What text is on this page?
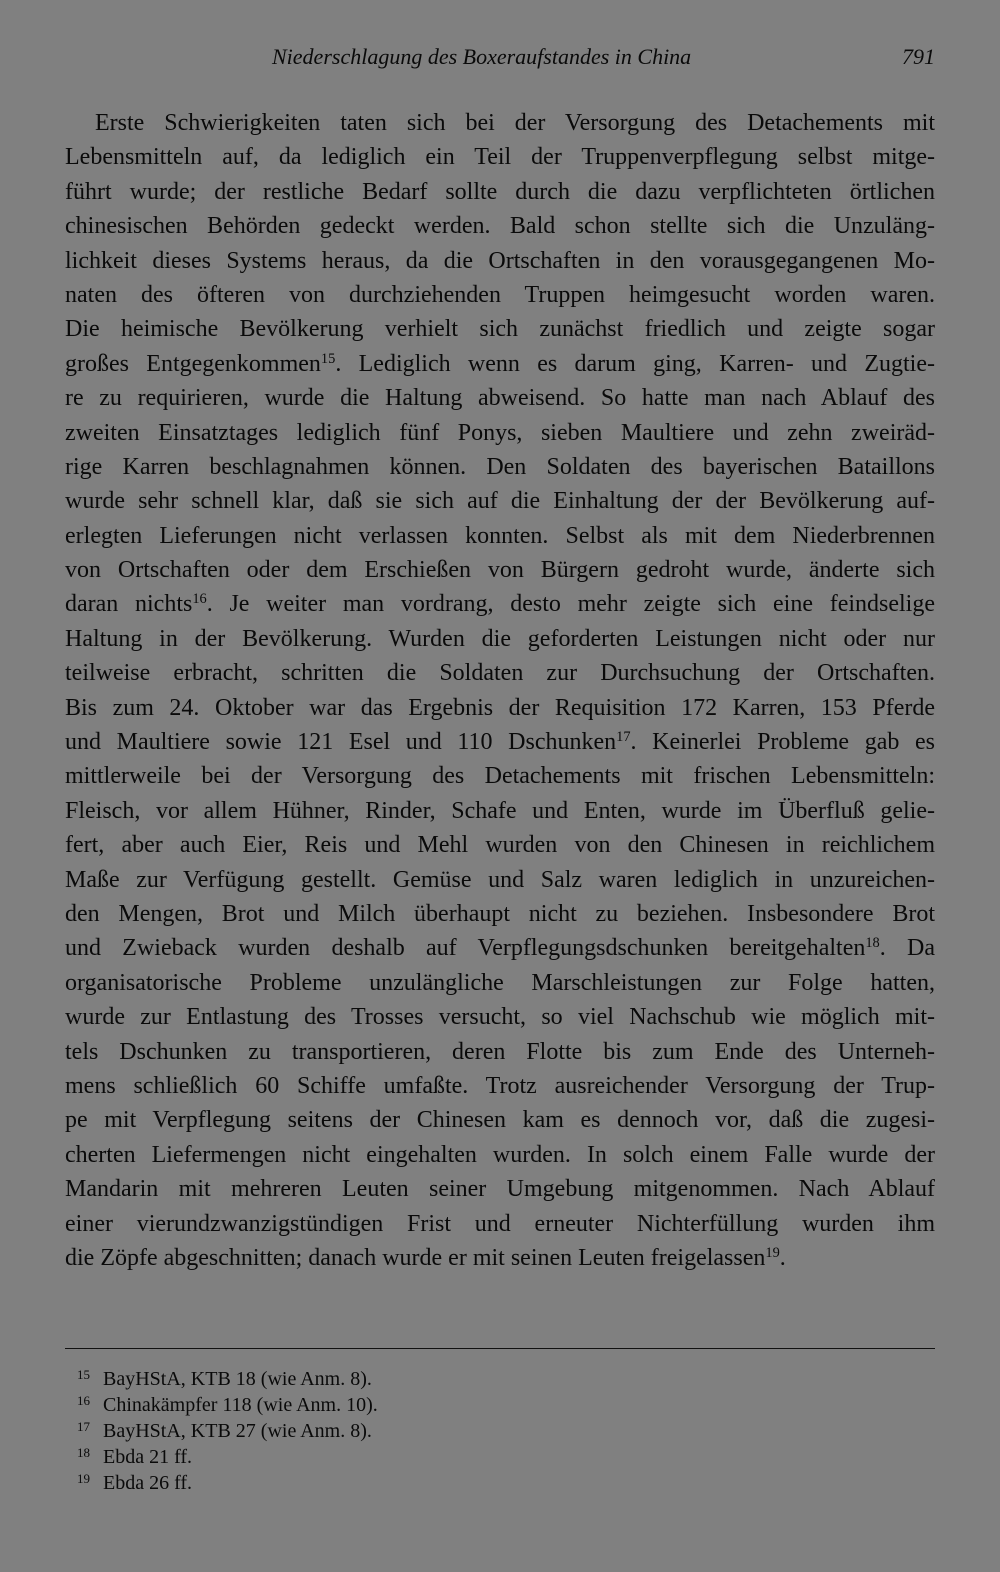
Niederschlagung des Boxeraufstandes in China	791
Erste Schwierigkeiten taten sich bei der Versorgung des Detachements mit
Lebensmitteln auf, da lediglich ein Teil der Truppenverpflegung selbst mitge-
führt wurde; der restliche Bedarf sollte durch die dazu verpflichteten örtlichen
chinesischen Behörden gedeckt werden. Bald schon stellte sich die Unzuläng-
lichkeit dieses Systems heraus, da die Ortschaften in den vorausgegangenen Mo-
naten des öfteren von durchziehenden Truppen heimgesucht worden waren.
Die heimische Bevölkerung verhielt sich zunächst friedlich und zeigte sogar
großes Entgegenkommen$^{15}$. Lediglich wenn es darum ging, Karren- und Zugtie-
re zu requirieren, wurde die Haltung abweisend. So hatte man nach Ablauf des
zweiten Einsatztages lediglich fünf Ponys, sieben Maultiere und zehn zweiräd-
rige Karren beschlagnahmen können. Den Soldaten des bayerischen Bataillons
wurde sehr schnell klar, daß sie sich auf die Einhaltung der der Bevölkerung auf-
erlegten Lieferungen nicht verlassen konnten. Selbst als mit dem Niederbrennen
von Ortschaften oder dem Erschießen von Bürgern gedroht wurde, änderte sich
daran nichts$^{16}$. Je weiter man vordrang, desto mehr zeigte sich eine feindselige
Haltung in der Bevölkerung. Wurden die geforderten Leistungen nicht oder nur
teilweise erbracht, schritten die Soldaten zur Durchsuchung der Ortschaften.
Bis zum 24. Oktober war das Ergebnis der Requisition 172 Karren, 153 Pferde
und Maultiere sowie 121 Esel und 110 Dschunken$^{17}$. Keinerlei Probleme gab es
mittlerweile bei der Versorgung des Detachements mit frischen Lebensmitteln:
Fleisch, vor allem Hühner, Rinder, Schafe und Enten, wurde im Überfluß gelie-
fert, aber auch Eier, Reis und Mehl wurden von den Chinesen in reichlichem
Maße zur Verfügung gestellt. Gemüse und Salz waren lediglich in unzureichen-
den Mengen, Brot und Milch überhaupt nicht zu beziehen. Insbesondere Brot
und Zwieback wurden deshalb auf Verpflegungsdschunken bereitgehalten$^{18}$. Da
organisatorische Probleme unzulängliche Marschleistungen zur Folge hatten,
wurde zur Entlastung des Trosses versucht, so viel Nachschub wie möglich mit-
tels Dschunken zu transportieren, deren Flotte bis zum Ende des Unterneh-
mens schließlich 60 Schiffe umfaßte. Trotz ausreichender Versorgung der Trup-
pe mit Verpflegung seitens der Chinesen kam es dennoch vor, daß die zugesi-
cherten Liefermengen nicht eingehalten wurden. In solch einem Falle wurde der
Mandarin mit mehreren Leuten seiner Umgebung mitgenommen. Nach Ablauf
einer vierundzwanzigstündigen Frist und erneuter Nichterfüllung wurden ihm
die Zöpfe abgeschnitten; danach wurde er mit seinen Leuten freigelassen$^{19}$.
15 BayHStA, KTB 18 (wie Anm. 8).
16 Chinakämpfer 118 (wie Anm. 10).
17 BayHStA, KTB 27 (wie Anm. 8).
18 Ebda 21 ff.
19 Ebda 26 ff.
